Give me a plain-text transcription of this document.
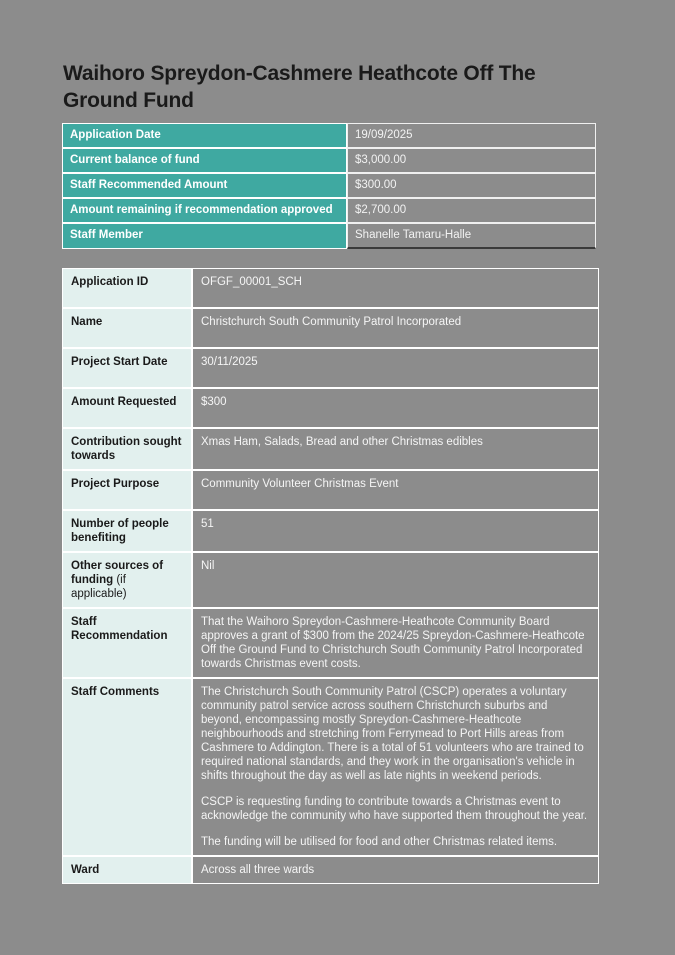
Waihoro Spreydon-Cashmere Heathcote Off The Ground Fund
Application Date	19/09/2025
Current balance of fund	$3,000.00
Staff Recommended Amount	$300.00
Amount remaining if recommendation approved	$2,700.00
Staff Member	Shanelle Tamaru-Halle
Application ID	OFGF_00001_SCH
Name	Christchurch South Community Patrol Incorporated
Project Start Date	30/11/2025
Amount Requested	$300
Contribution sought towards	Xmas Ham, Salads, Bread and other Christmas edibles
Project Purpose	Community Volunteer Christmas Event
Number of people benefiting	51
Other sources of funding (if applicable)	Nil
Staff Recommendation	That the Waihoro Spreydon-Cashmere-Heathcote Community Board approves a grant of $300 from the 2024/25 Spreydon-Cashmere-Heathcote Off the Ground Fund to Christchurch South Community Patrol Incorporated towards Christmas event costs.
Staff Comments	The Christchurch South Community Patrol (CSCP) operates a voluntary community patrol service across southern Christchurch suburbs and beyond, encompassing mostly Spreydon-Cashmere-Heathcote neighbourhoods and stretching from Ferrymead to Port Hills areas from Cashmere to Addington. There is a total of 51 volunteers who are trained to required national standards, and they work in the organisation's vehicle in shifts throughout the day as well as late nights in weekend periods.

CSCP is requesting funding to contribute towards a Christmas event to acknowledge the community who have supported them throughout the year.

The funding will be utilised for food and other Christmas related items.

Ward	Across all three wards
